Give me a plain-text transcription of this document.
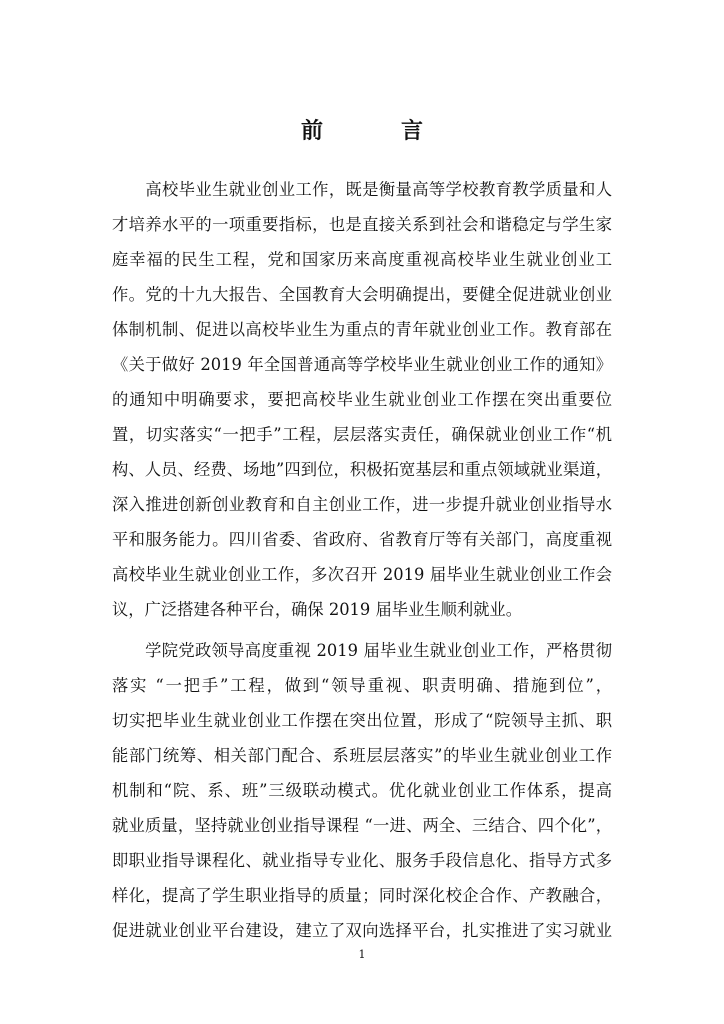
前　言
　　高校毕业生就业创业工作，既是衡量高等学校教育教学质量和人
才培养水平的一项重要指标，也是直接关系到社会和谐稳定与学生家
庭幸福的民生工程，党和国家历来高度重视高校毕业生就业创业工
作。党的十九大报告、全国教育大会明确提出，要健全促进就业创业
体制机制、促进以高校毕业生为重点的青年就业创业工作。教育部在
《关于做好 2019 年全国普通高等学校毕业生就业创业工作的通知》
的通知中明确要求，要把高校毕业生就业创业工作摆在突出重要位
置，切实落实“一把手”工程，层层落实责任，确保就业创业工作“机
构、人员、经费、场地”四到位，积极拓宽基层和重点领域就业渠道，
深入推进创新创业教育和自主创业工作，进一步提升就业创业指导水
平和服务能力。四川省委、省政府、省教育厅等有关部门，高度重视
高校毕业生就业创业工作，多次召开 2019 届毕业生就业创业工作会
议，广泛搭建各种平台，确保 2019 届毕业生顺利就业。
　　学院党政领导高度重视 2019 届毕业生就业创业工作，严格贯彻
落实 “一把手”工程，做到“领导重视、职责明确、措施到位”，
切实把毕业生就业创业工作摆在突出位置，形成了“院领导主抓、职
能部门统筹、相关部门配合、系班层层落实”的毕业生就业创业工作
机制和“院、系、班”三级联动模式。优化就业创业工作体系，提高
就业质量，坚持就业创业指导课程 “一进、两全、三结合、四个化”，
即职业指导课程化、就业指导专业化、服务手段信息化、指导方式多
样化，提高了学生职业指导的质量；同时深化校企合作、产教融合，
促进就业创业平台建设，建立了双向选择平台，扎实推进了实习就业
1
